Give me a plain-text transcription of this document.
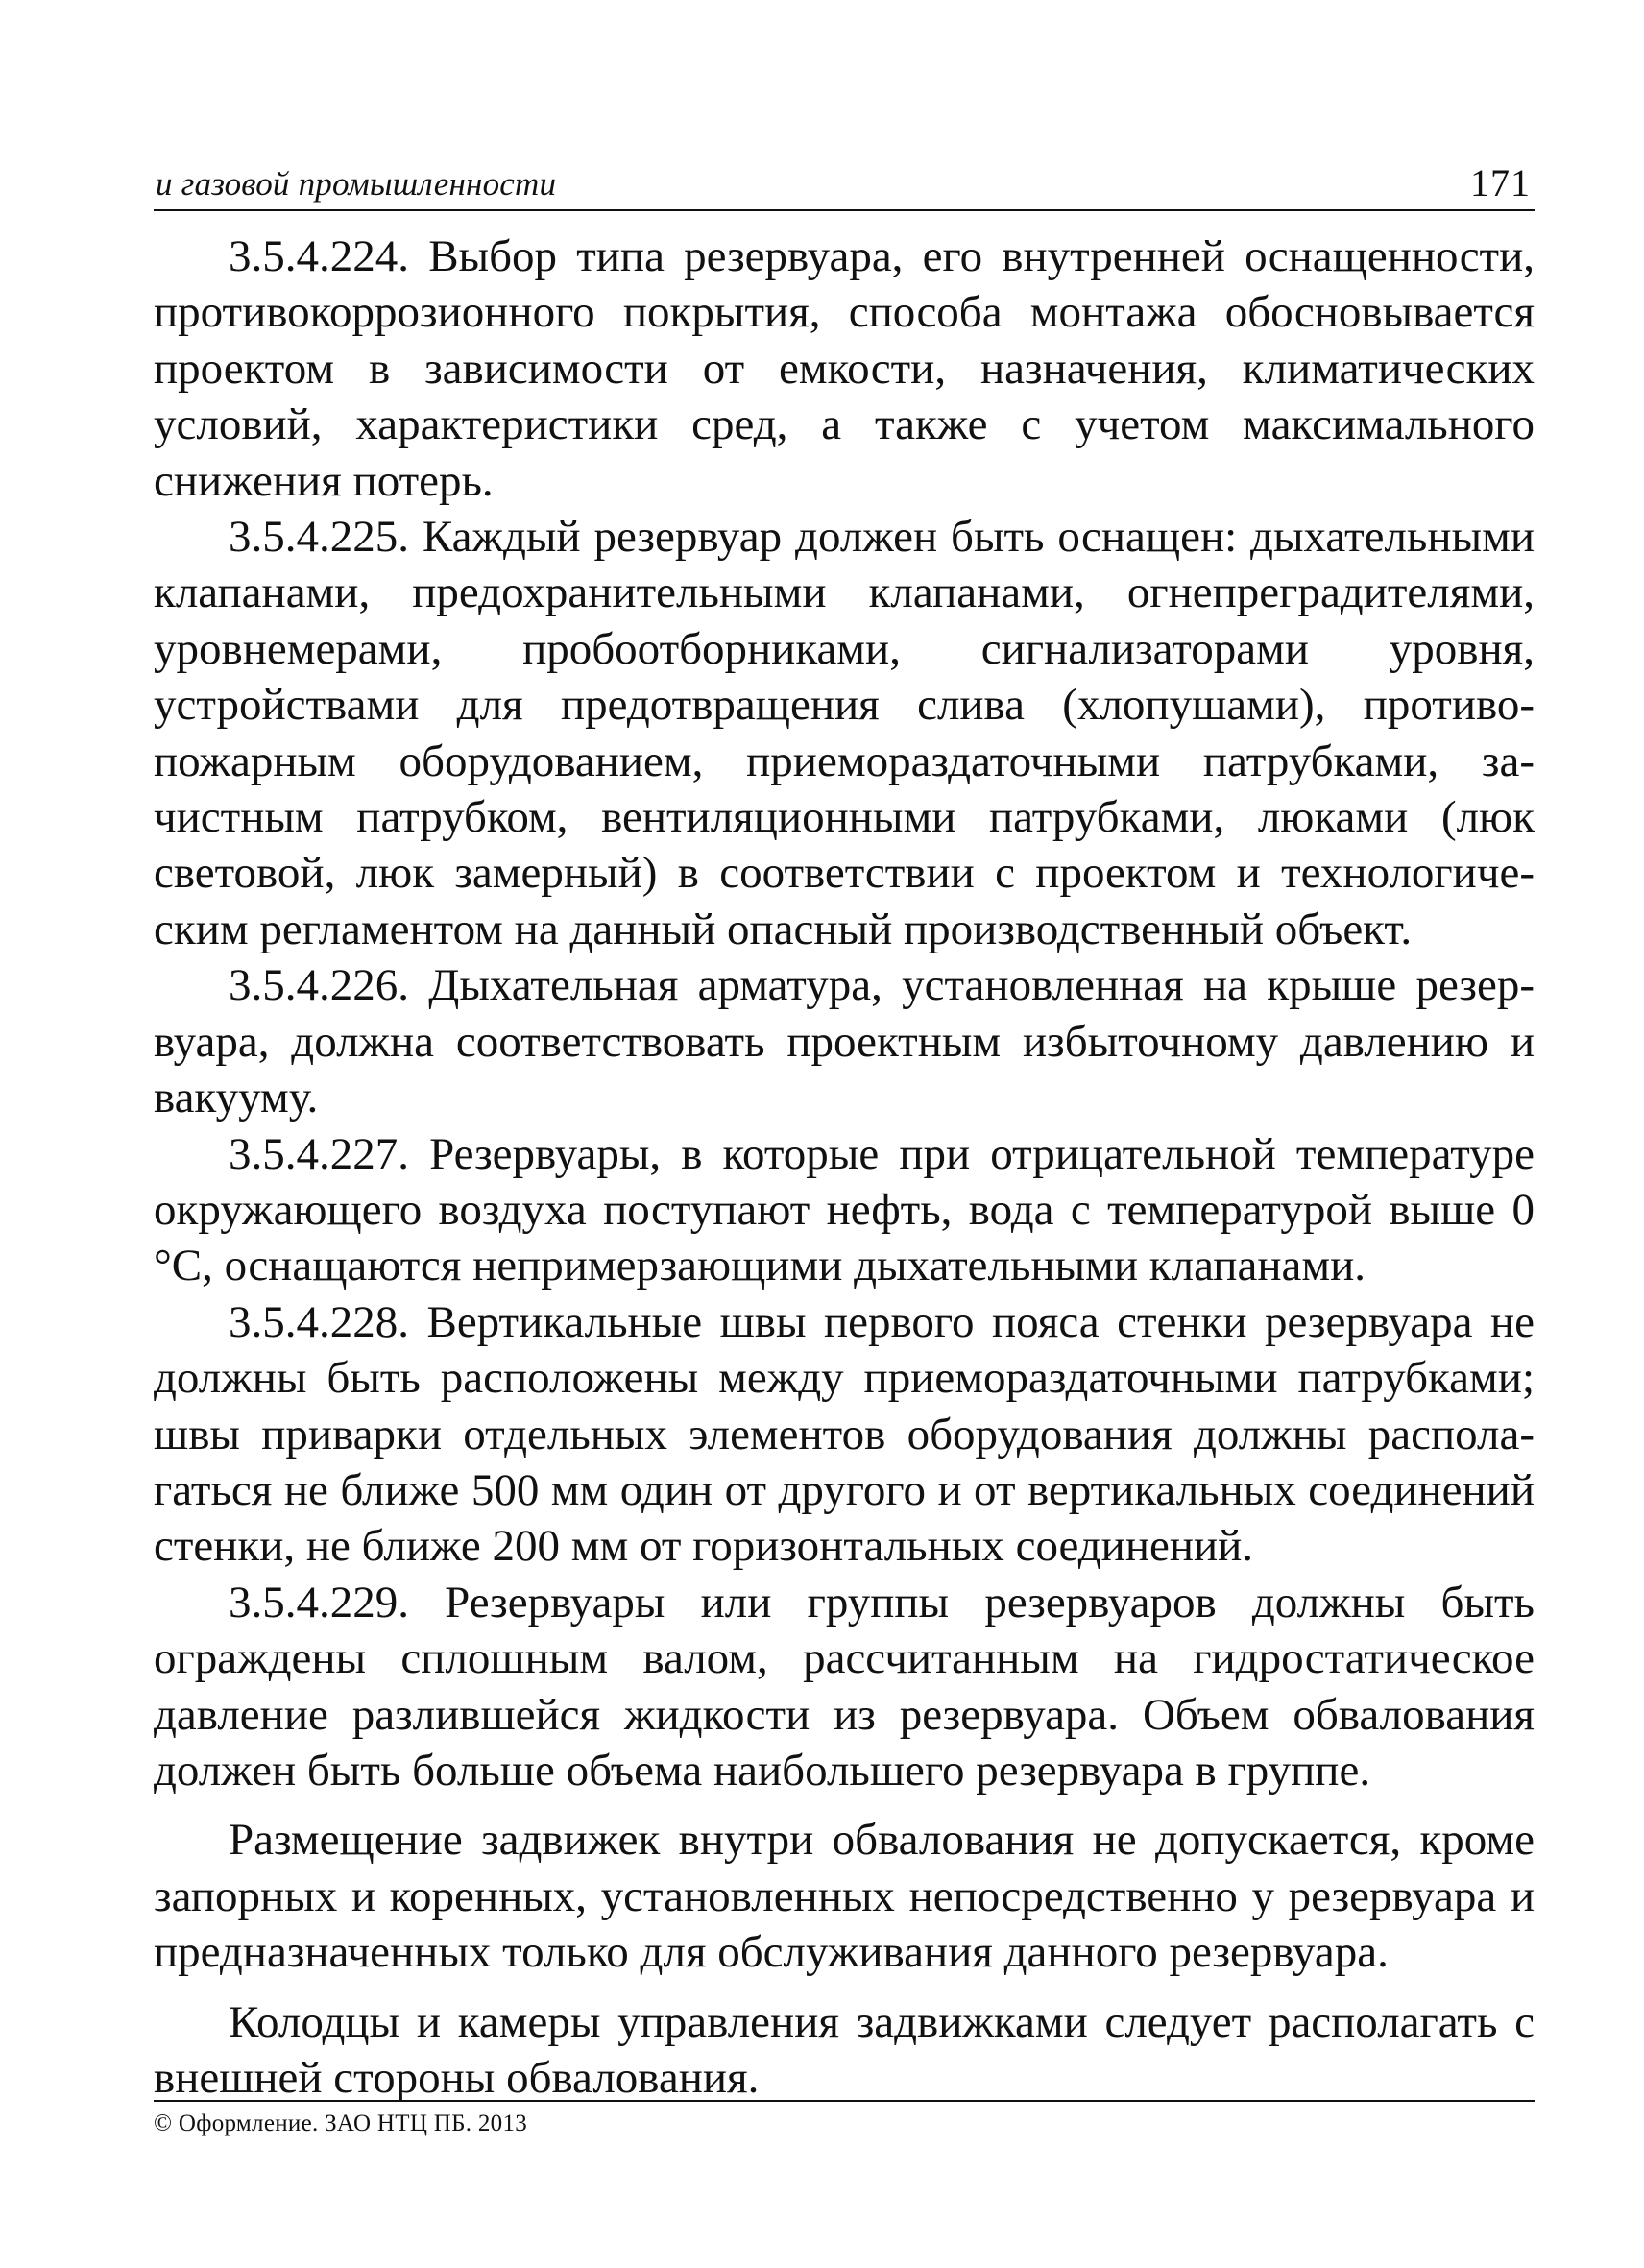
и газовой промышленности	171

3.5.4.224. Выбор типа резервуара, его внутренней оснащенности, противокоррозионного покрытия, способа монтажа обосновывается проектом в зависимости от емкости, назначения, климатических условий, характеристики сред, а также с учетом максимального снижения потерь.

3.5.4.225. Каждый резервуар должен быть оснащен: дыхательными клапанами, предохранительными клапанами, огнепреградителями, уровнемерами, пробоотборниками, сигнализаторами уровня, устройствами для предотвращения слива (хлопушами), противопожарным оборудованием, приемораздаточными патрубками, зачистным патрубком, вентиляционными патрубками, люками (люк световой, люк замерный) в соответствии с проектом и технологическим регламентом на данный опасный производственный объект.

3.5.4.226. Дыхательная арматура, установленная на крыше резервуара, должна соответствовать проектным избыточному давлению и вакууму.

3.5.4.227. Резервуары, в которые при отрицательной температуре окружающего воздуха поступают нефть, вода с температурой выше 0 °С, оснащаются непримерзающими дыхательными клапанами.

3.5.4.228. Вертикальные швы первого пояса стенки резервуара не должны быть расположены между приемораздаточными патрубками; швы приварки отдельных элементов оборудования должны располагаться не ближе 500 мм один от другого и от вертикальных соединений стенки, не ближе 200 мм от горизонтальных соединений.

3.5.4.229. Резервуары или группы резервуаров должны быть ограждены сплошным валом, рассчитанным на гидростатическое давление разлившейся жидкости из резервуара. Объем обвалования должен быть больше объема наибольшего резервуара в группе.

Размещение задвижек внутри обвалования не допускается, кроме запорных и коренных, установленных непосредственно у резервуара и предназначенных только для обслуживания данного резервуара.

Колодцы и камеры управления задвижками следует располагать с внешней стороны обвалования.

© Оформление. ЗАО НТЦ ПБ. 2013
